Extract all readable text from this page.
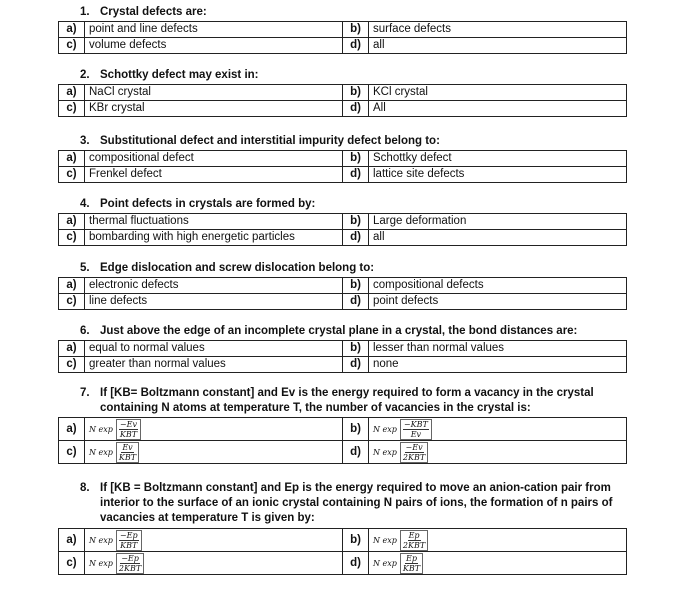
1. Crystal defects are:
a)	point and line defects	b)	surface defects
c)	volume defects	d)	all
2. Schottky defect may exist in:
a)	NaCl crystal	b)	KCl crystal
c)	KBr crystal	d)	All
3. Substitutional defect and interstitial impurity defect belong to:
a)	compositional defect	b)	Schottky defect
c)	Frenkel defect	d)	lattice site defects
4. Point defects in crystals are formed by:
a)	thermal fluctuations	b)	Large deformation
c)	bombarding with high energetic particles	d)	all
5. Edge dislocation and screw dislocation belong to:
a)	electronic defects	b)	compositional defects
c)	line defects	d)	point defects
6. Just above the edge of an incomplete crystal plane in a crystal, the bond distances are:
a)	equal to normal values	b)	lesser than normal values
c)	greater than normal values	d)	none
7. If [KB= Boltzmann constant] and Ev is the energy required to form a vacancy in the crystal
containing N atoms at temperature T, the number of vacancies in the crystal is:
a)	N $\exp \frac{-Ev}{\text{KBT}}$	b)	N $\exp \frac{\text{−KBT}}{Ev}$

c)	N $\exp \frac{Ev}{\text{KBT}}$	d)	N $\exp \frac{-Ev}{\text{2KBT}}$
8. If [KB = Boltzmann constant] and Ep is the energy required to move an anion-cation pair from
interior to the surface of an ionic crystal containing N pairs of ions, the formation of n pairs of
vacancies at temperature T is given by:
a)	N $\exp \frac{-Ep}{\text{KBT}}$	b)	N $\exp \frac{Ep}{\text{2KBT}}$

c)	N $\exp \frac{-Ep}{\text{2KBT}}$	d)	N $\exp \frac{Ep}{\text{KBT}}$
